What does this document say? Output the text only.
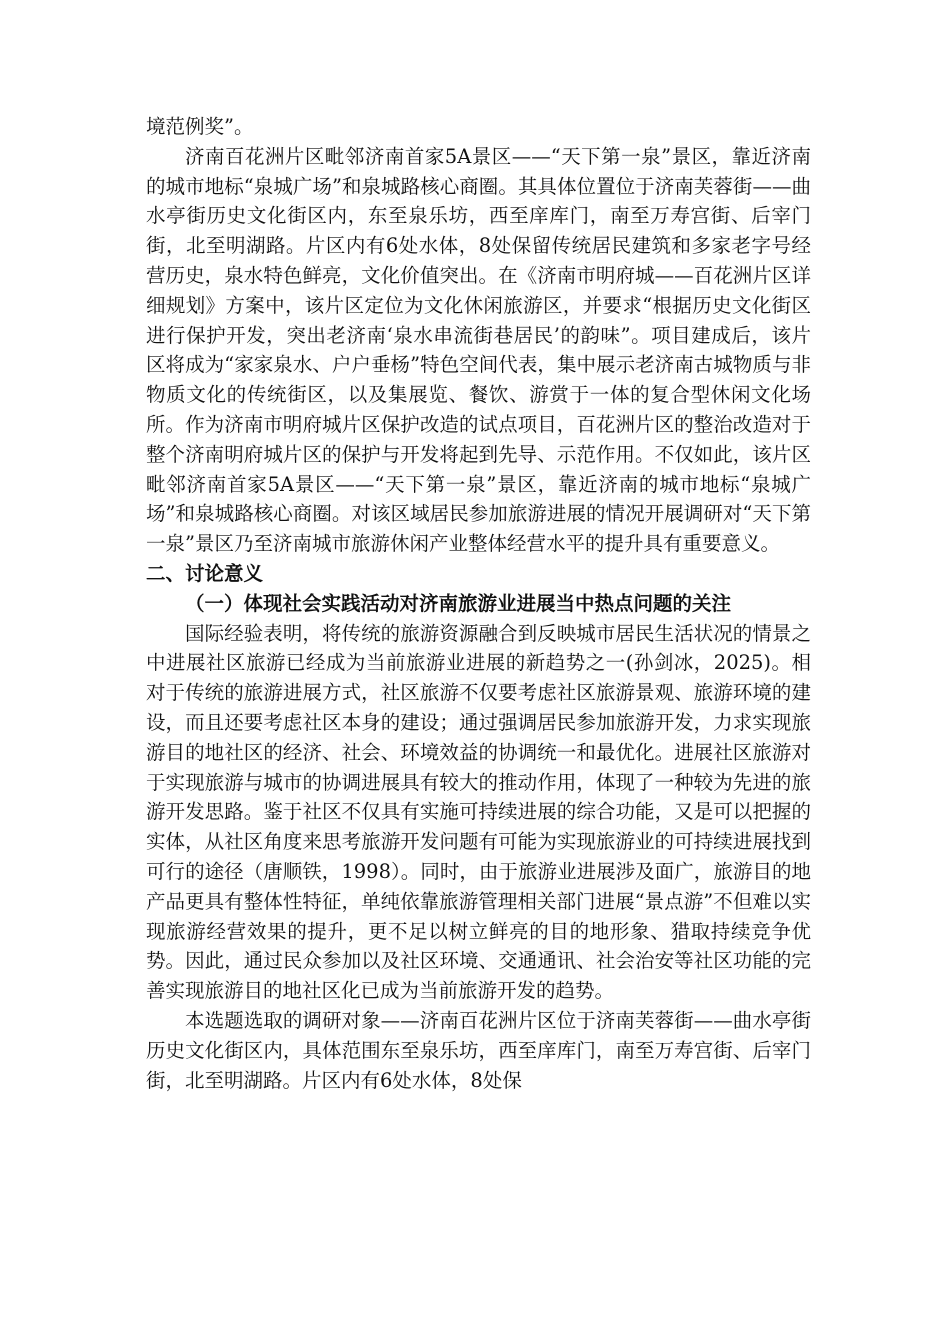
境范例奖”。

济南百花洲片区毗邻济南首家5A景区——“天下第一泉”景区，靠近济南的城市地标“泉城广场”和泉城路核心商圈。其具体位置位于济南芙蓉街——曲水亭街历史文化街区内，东至泉乐坊，西至庠库门，南至万寿宫街、后宰门街，北至明湖路。片区内有6处水体，8处保留传统居民建筑和多家老字号经营历史，泉水特色鲜亮，文化价值突出。在《济南市明府城——百花洲片区详细规划》方案中，该片区定位为文化休闲旅游区，并要求“根据历史文化街区进行保护开发，突出老济南‘泉水串流街巷居民’的韵味”。项目建成后，该片区将成为“家家泉水、户户垂杨”特色空间代表，集中展示老济南古城物质与非物质文化的传统街区，以及集展览、餐饮、游赏于一体的复合型休闲文化场所。作为济南市明府城片区保护改造的试点项目，百花洲片区的整治改造对于整个济南明府城片区的保护与开发将起到先导、示范作用。不仅如此，该片区毗邻济南首家5A景区——“天下第一泉”景区，靠近济南的城市地标“泉城广场”和泉城路核心商圈。对该区域居民参加旅游进展的情况开展调研对“天下第一泉”景区乃至济南城市旅游休闲产业整体经营水平的提升具有重要意义。

二、讨论意义

（一）体现社会实践活动对济南旅游业进展当中热点问题的关注

国际经验表明，将传统的旅游资源融合到反映城市居民生活状况的情景之中进展社区旅游已经成为当前旅游业进展的新趋势之一(孙剑冰，2025)。相对于传统的旅游进展方式，社区旅游不仅要考虑社区旅游景观、旅游环境的建设，而且还要考虑社区本身的建设；通过强调居民参加旅游开发，力求实现旅游目的地社区的经济、社会、环境效益的协调统一和最优化。进展社区旅游对于实现旅游与城市的协调进展具有较大的推动作用，体现了一种较为先进的旅游开发思路。鉴于社区不仅具有实施可持续进展的综合功能，又是可以把握的实体，从社区角度来思考旅游开发问题有可能为实现旅游业的可持续进展找到可行的途径（唐顺铁，1998）。同时，由于旅游业进展涉及面广，旅游目的地产品更具有整体性特征，单纯依靠旅游管理相关部门进展“景点游”不但难以实现旅游经营效果的提升，更不足以树立鲜亮的目的地形象、猎取持续竞争优势。因此，通过民众参加以及社区环境、交通通讯、社会治安等社区功能的完善实现旅游目的地社区化已成为当前旅游开发的趋势。

本选题选取的调研对象——济南百花洲片区位于济南芙蓉街——曲水亭街历史文化街区内，具体范围东至泉乐坊，西至庠库门，南至万寿宫街、后宰门街，北至明湖路。片区内有6处水体，8处保
